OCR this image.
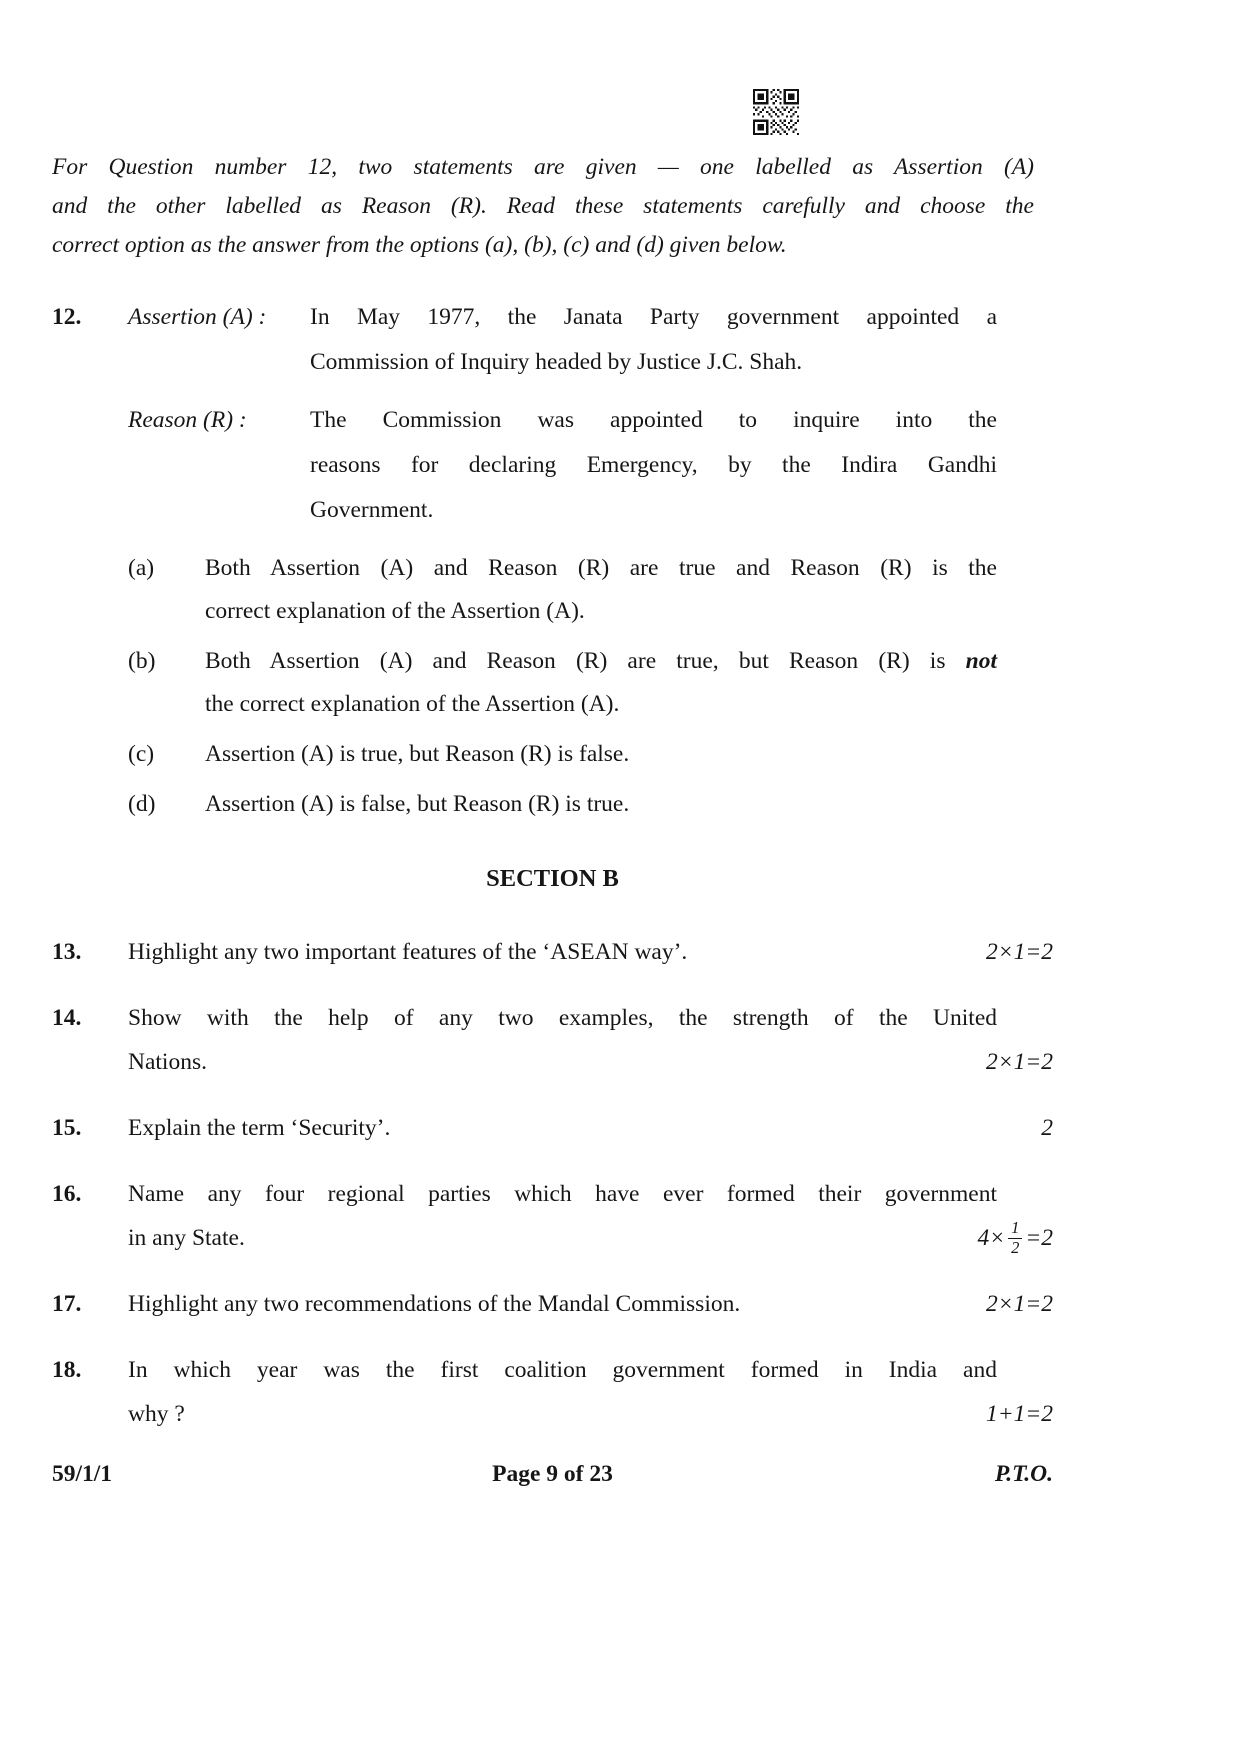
For Question number 12, two statements are given — one labelled as Assertion (A)
and the other labelled as Reason (R). Read these statements carefully and choose the
correct option as the answer from the options (a), (b), (c) and (d) given below.
12.	Assertion (A) :	In May 1977, the Janata Party government appointed a
Commission of Inquiry headed by Justice J.C. Shah.
Reason (R) :	The Commission was appointed to inquire into the
reasons for declaring Emergency, by the Indira Gandhi
Government.
(a)	Both Assertion (A) and Reason (R) are true and Reason (R) is the
correct explanation of the Assertion (A).
(b)	Both Assertion (A) and Reason (R) are true, but Reason (R) is not
the correct explanation of the Assertion (A).
(c)	Assertion (A) is true, but Reason (R) is false.
(d)	Assertion (A) is false, but Reason (R) is true.
SECTION B
13.	Highlight any two important features of the ‘ASEAN way’.	2×1=2
14.	Show with the help of any two examples, the strength of the United
Nations.	2×1=2
15.	Explain the term ‘Security’.	2
16.	Name any four regional parties which have ever formed their government
in any State.	$4\times \frac{1}{2} =2$
17.	Highlight any two recommendations of the Mandal Commission.	2×1=2
18.	In which year was the first coalition government formed in India and
why ?	1+1=2
59/1/1	Page 9 of 23	P.T.O.
